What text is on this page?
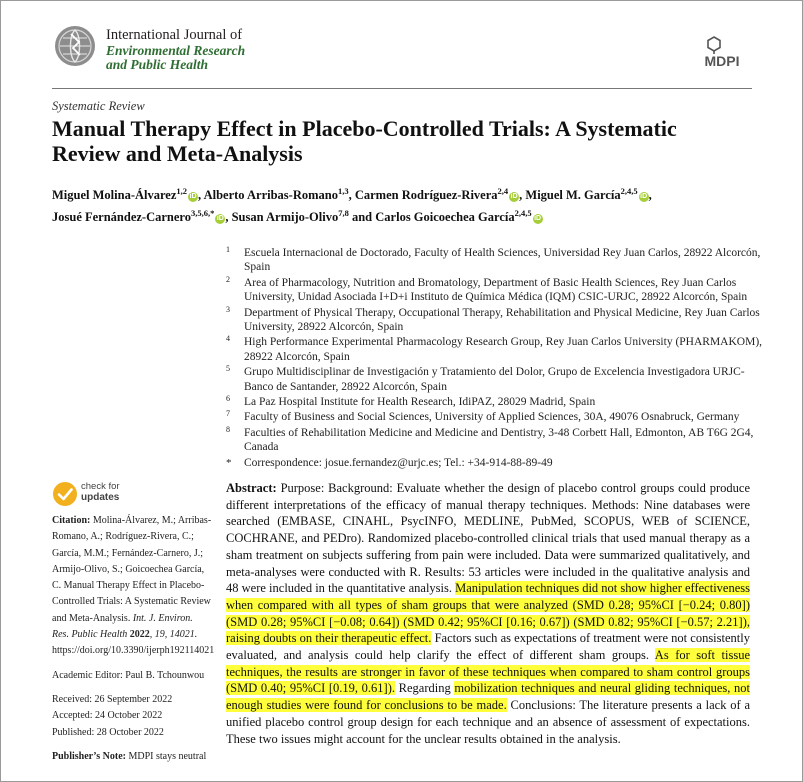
International Journal of
Environmental Research
and Public Health	MDPI
Systematic Review
Manual Therapy Effect in Placebo-Controlled Trials: A Systematic Review and Meta-Analysis
Miguel Molina-Álvarez$^{1,2}$iD , Alberto Arribas-Romano$^{1,3}$, Carmen Rodríguez-Rivera$^{2,4}$iD , Miguel M. García$^{2,4,5}$iD ,
Josué Fernández-Carnero$^{3,5,6,*}$iD , Susan Armijo-Olivo$^{7,8}$ and Carlos Goicoechea García$^{2,4,5}$iD
1 Escuela Internacional de Doctorado, Faculty of Health Sciences, Universidad Rey Juan Carlos, 28922 Alcorcón, Spain
2 Area of Pharmacology, Nutrition and Bromatology, Department of Basic Health Sciences, Rey Juan Carlos University, Unidad Asociada I+D+i Instituto de Química Médica (IQM) CSIC-URJC, 28922 Alcorcón, Spain
3 Department of Physical Therapy, Occupational Therapy, Rehabilitation and Physical Medicine, Rey Juan Carlos University, 28922 Alcorcón, Spain
4 High Performance Experimental Pharmacology Research Group, Rey Juan Carlos University (PHARMAKOM), 28922 Alcorcón, Spain
5 Grupo Multidisciplinar de Investigación y Tratamiento del Dolor, Grupo de Excelencia Investigadora URJC-Banco de Santander, 28922 Alcorcón, Spain
6 La Paz Hospital Institute for Health Research, IdiPAZ, 28029 Madrid, Spain
7 Faculty of Business and Social Sciences, University of Applied Sciences, 30A, 49076 Osnabruck, Germany
8 Faculties of Rehabilitation Medicine and Medicine and Dentistry, 3-48 Corbett Hall, Edmonton, AB T6G 2G4, Canada
* Correspondence: josue.fernandez@urjc.es; Tel.: +34-914-88-89-49
check for
updates

Citation: Molina-Álvarez, M.; Arribas-Romano, A.; Rodríguez-Rivera, C.; García, M.M.; Fernández-Carnero, J.; Armijo-Olivo, S.; Goicoechea García, C. Manual Therapy Effect in Placebo-Controlled Trials: A Systematic Review and Meta-Analysis. Int. J. Environ. Res. Public Health 2022, 19, 14021. https://doi.org/10.3390/ijerph192114021

Academic Editor: Paul B. Tchounwou

Received: 26 September 2022

Accepted: 24 October 2022

Published: 28 October 2022

Publisher’s Note: MDPI stays neutral

Abstract: Purpose: Background: Evaluate whether the design of placebo control groups could produce different interpretations of the efficacy of manual therapy techniques. Methods: Nine databases were searched (EMBASE, CINAHL, PsycINFO, MEDLINE, PubMed, SCOPUS, WEB of SCIENCE, COCHRANE, and PEDro). Randomized placebo-controlled clinical trials that used manual therapy as a sham treatment on subjects suffering from pain were included. Data were summarized qualitatively, and meta-analyses were conducted with R. Results: 53 articles were included in the qualitative analysis and 48 were included in the quantitative analysis. Manipulation techniques did not show higher effectiveness when compared with all types of sham groups that were analyzed (SMD 0.28; 95%CI [−0.24; 0.80]) (SMD 0.28; 95%CI [−0.08; 0.64]) (SMD 0.42; 95%CI [0.16; 0.67]) (SMD 0.82; 95%CI [−0.57; 2.21]), raising doubts on their therapeutic effect. Factors such as expectations of treatment were not consistently evaluated, and analysis could help clarify the effect of different sham groups. As for soft tissue techniques, the results are stronger in favor of these techniques when compared to sham control groups (SMD 0.40; 95%CI [0.19, 0.61]). Regarding mobilization techniques and neural gliding techniques, not enough studies were found for conclusions to be made. Conclusions: The literature presents a lack of a unified placebo control group design for each technique and an absence of assessment of expectations. These two issues might account for the unclear results obtained in the analysis.
